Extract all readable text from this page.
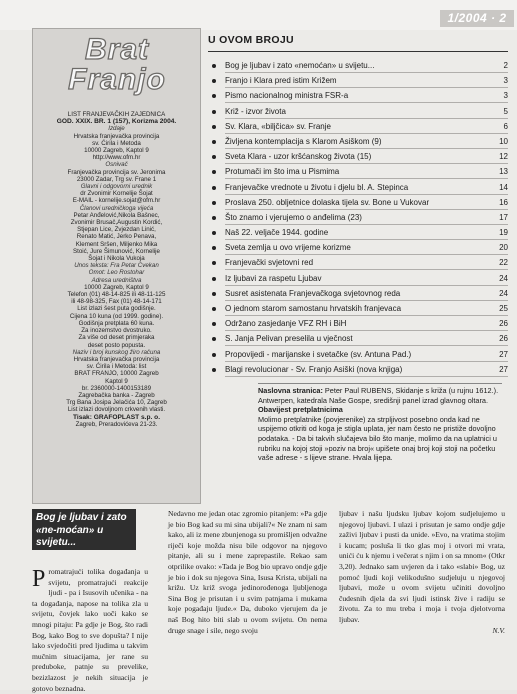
1/2004 · 2
Brat
Franjo

LIST FRANJEVAČKIH ZAJEDNICA

GOD. XXIX. BR. 1 (157), Korizma 2004.

Izdaje

Hrvatska franjevačka provincija

sv. Ćirila i Metoda

10000 Zagreb, Kaptol 9

http://www.ofm.hr

Osnivač

Franjevačka provincija sv. Jeronima

23000 Zadar, Trg sv. Frane 1

Glavni i odgovorni urednik

dr Zvonimir Kornelije Šojat

E-MAIL - kornelije.sojat@ofm.hr

Članovi uredničkoga vijeća

Petar Anđelović,Nikola Bašnec,

Zvonimir Brusač,Augustin Kordić,

Stjepan Lice, Zvjezdan Linić,

Renato Matić, Jerko Penava,

Klement Sršen, Miljenko Mika

Stoić, Jure Šimunović, Kornelije

Šojat i Nikola Vukoja

Unos teksta: Fra Petar Cvekan

Omot: Leo Rostohar

Adresa uredništva

10000 Zagreb, Kaptol 9

Telefon (01) 48-14-825 ili 48-11-125

ili 48-98-325, Fax (01) 48-14-171

List izlazi šest puta godišnje.

Cijena 10 kuna (od 1999. godine).

Godišnja pretplata 60 kuna.

Za inozemstvo dvostruko.

Za više od deset primjeraka

deset posto popusta.

Naziv i broj kunskog žiro računa

Hrvatska franjevačka provincija

sv. Ćirila i Metoda: list

BRAT FRANJO, 10000 Zagreb

Kaptol 9

br. 2360000-1400153189

Zagrebačka banka - Zagreb

Trg Bana Josipa Jelačića 10, Zagreb

List izlazi dovoljnom crkvenih vlasti.

Tisak: GRAFOPLAST s.p. o.

Zagreb, Preradovićeva 21-23.

U OVOM BROJU
Bog je ljubav i zato «nemoćan» u svijetu...	2
Franjo i Klara pred istim Križem	3
Pismo nacionalnog ministra FSR-a	3
Križ - izvor života	5
Sv. Klara, «biljčica» sv. Franje	6
Življena kontemplacija s Klarom Asiškom (9)	10
Sveta Klara - uzor kršćanskog života (15)	12
Protumači im što ima u Pismima	13
Franjevačke vrednote u životu i djelu bl. A. Stepinca	14
Proslava 250. obljetnice dolaska tijela sv. Bone u Vukovar	16
Što znamo i vjerujemo o anđelima (23)	17
Naš 22. veljače 1944. godine	19
Sveta zemlja u ovo vrijeme korizme	20
Franjevački svjetovni red	22
Iz ljubavi za raspetu Ljubav	24
Susret asistenata Franjevačkoga svjetovnog reda	24
O jednom starom samostanu hrvatskih franjevaca	25
Održano zasjedanje VFZ RH i BiH	26
S. Janja Pelivan preselila u vječnost	26
Propovijedi - marijanske i svetačke (sv. Antuna Pad.)	27
Blagi revolucionar - Sv. Franjo Asiški (nova knjiga)	27
Naslovna stranica: Peter Paul RUBENS, Skidanje s križa (u rujnu 1612.). Antwerpen, katedrala Naše Gospe, središnji panel izrad glavnog oltara.
Obavijest pretplatnicima
Molimo pretplatnike (povjerenike) za strpljivost posebno onda kad ne uspijemo otkriti od koga je stigla uplata, jer nam često ne pristiže dovoljno podataka. - Da bi takvih slučajeva bilo što manje, molimo da na uplatnici u rubriku na kojoj stoji »poziv na broj« upišete onaj broj koji stoji na početku vaše adrese - s lijeve strane. Hvala lijepa.
Bog je ljubav i zato «ne-moćan» u svijetu...
Promatrajući tolika događanja u svijetu, promatrajući reakcije ljudi - pa i Isusovih učenika - na ta događanja, napose na tolika zla u svijetu, čovjek lako uoči kako se mnogi pitaju: Pa gdje je Bog, što radi Bog, kako Bog to sve dopušta? I nije lako svjedočiti pred ljudima u takvim mučnim situacijama, jer rane su preduboke, patnje su prevelike, bezizlazost je nekih situacija je gotovo beznadna.
Nedavno me jedan otac zgromio pitanjem: »Pa gdje je bio Bog kad su mi sina ubijali?« Ne znam ni sam kako, ali iz mene zbunjenoga su promišljen odvažne riječi koje možda nisu bile odgovor na njegovo pitanje, ali su i mene zaprepastile. Rekao sam otprilike ovako: »Tada je Bog bio upravo ondje gdje je bio i dok su njegova Sina, Isusa Krista, ubijali na križu. Uz križ svoga jedinorođenoga ljubljenoga Sina Bog je prisutan i u svim patnjama i mukama koje pogađaju ljude.« Da, duboko vjerujem da je naš Bog hito biti slab u ovom svijetu. On nema druge snage i sile, nego svoju
ljubav i našu ljudsku ljubav kojom suđjelujemo u njegovoj ljubavi. I ulazi i prisutan je samo ondje gdje zaživi ljubav i pusti da unide. »Evo, na vratima stojim i kucam; posluša li tko glas moj i otvori mi vrata, unići ću k njemu i večerat s njim i on sa mnom« (Otkr 3,20). Jednako sam uvjeren da i tako «slabi» Bog, uz pomoć ljudi koji velikodušno sudjeluju u njegovoj ljubavi, može u ovom svijetu učiniti dovoljno čudesnih djela da svi ljudi istinsk žive i radiju se životu. Za to mu treba i moja i tvoja djelotvorna ljubav.
N.V.
